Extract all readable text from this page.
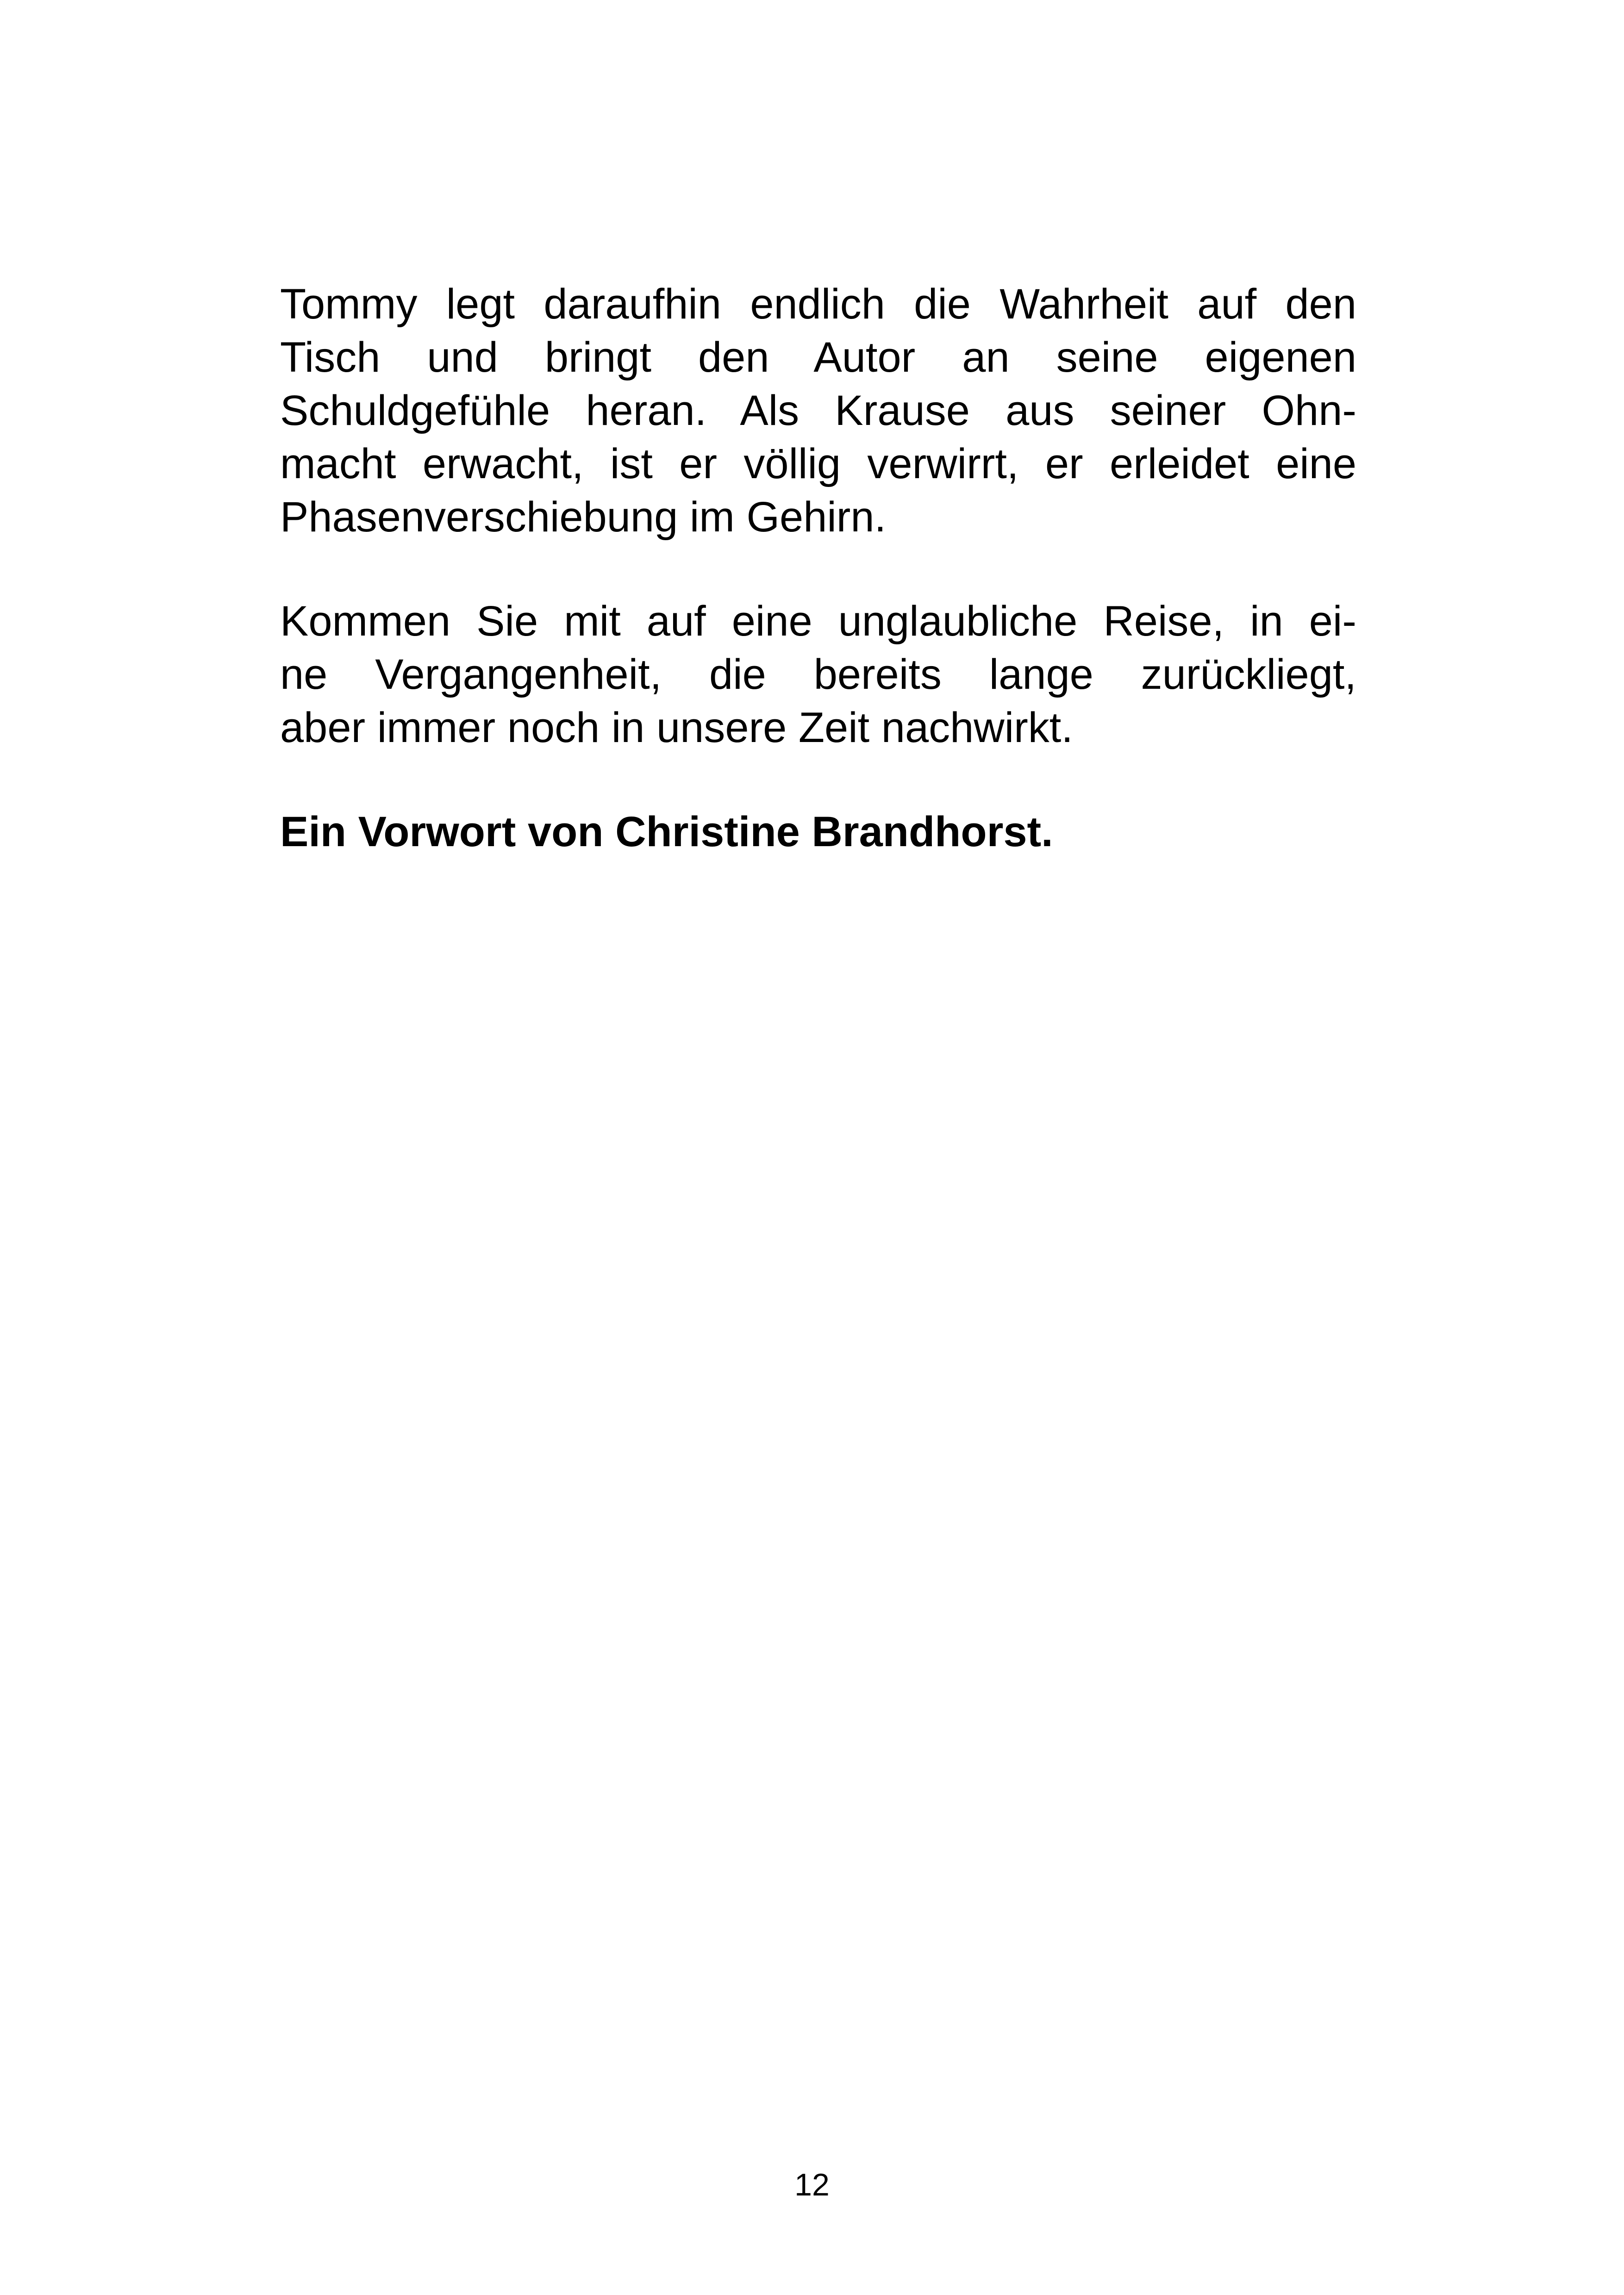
Tommy legt daraufhin endlich die Wahrheit auf den
Tisch und bringt den Autor an seine eigenen
Schuldgefühle heran. Als Krause aus seiner Ohn-
macht erwacht, ist er völlig verwirrt, er erleidet eine
Phasenverschiebung im Gehirn.
Kommen Sie mit auf eine unglaubliche Reise, in ei-
ne Vergangenheit, die bereits lange zurückliegt,
aber immer noch in unsere Zeit nachwirkt.
Ein Vorwort von Christine Brandhorst.
12
